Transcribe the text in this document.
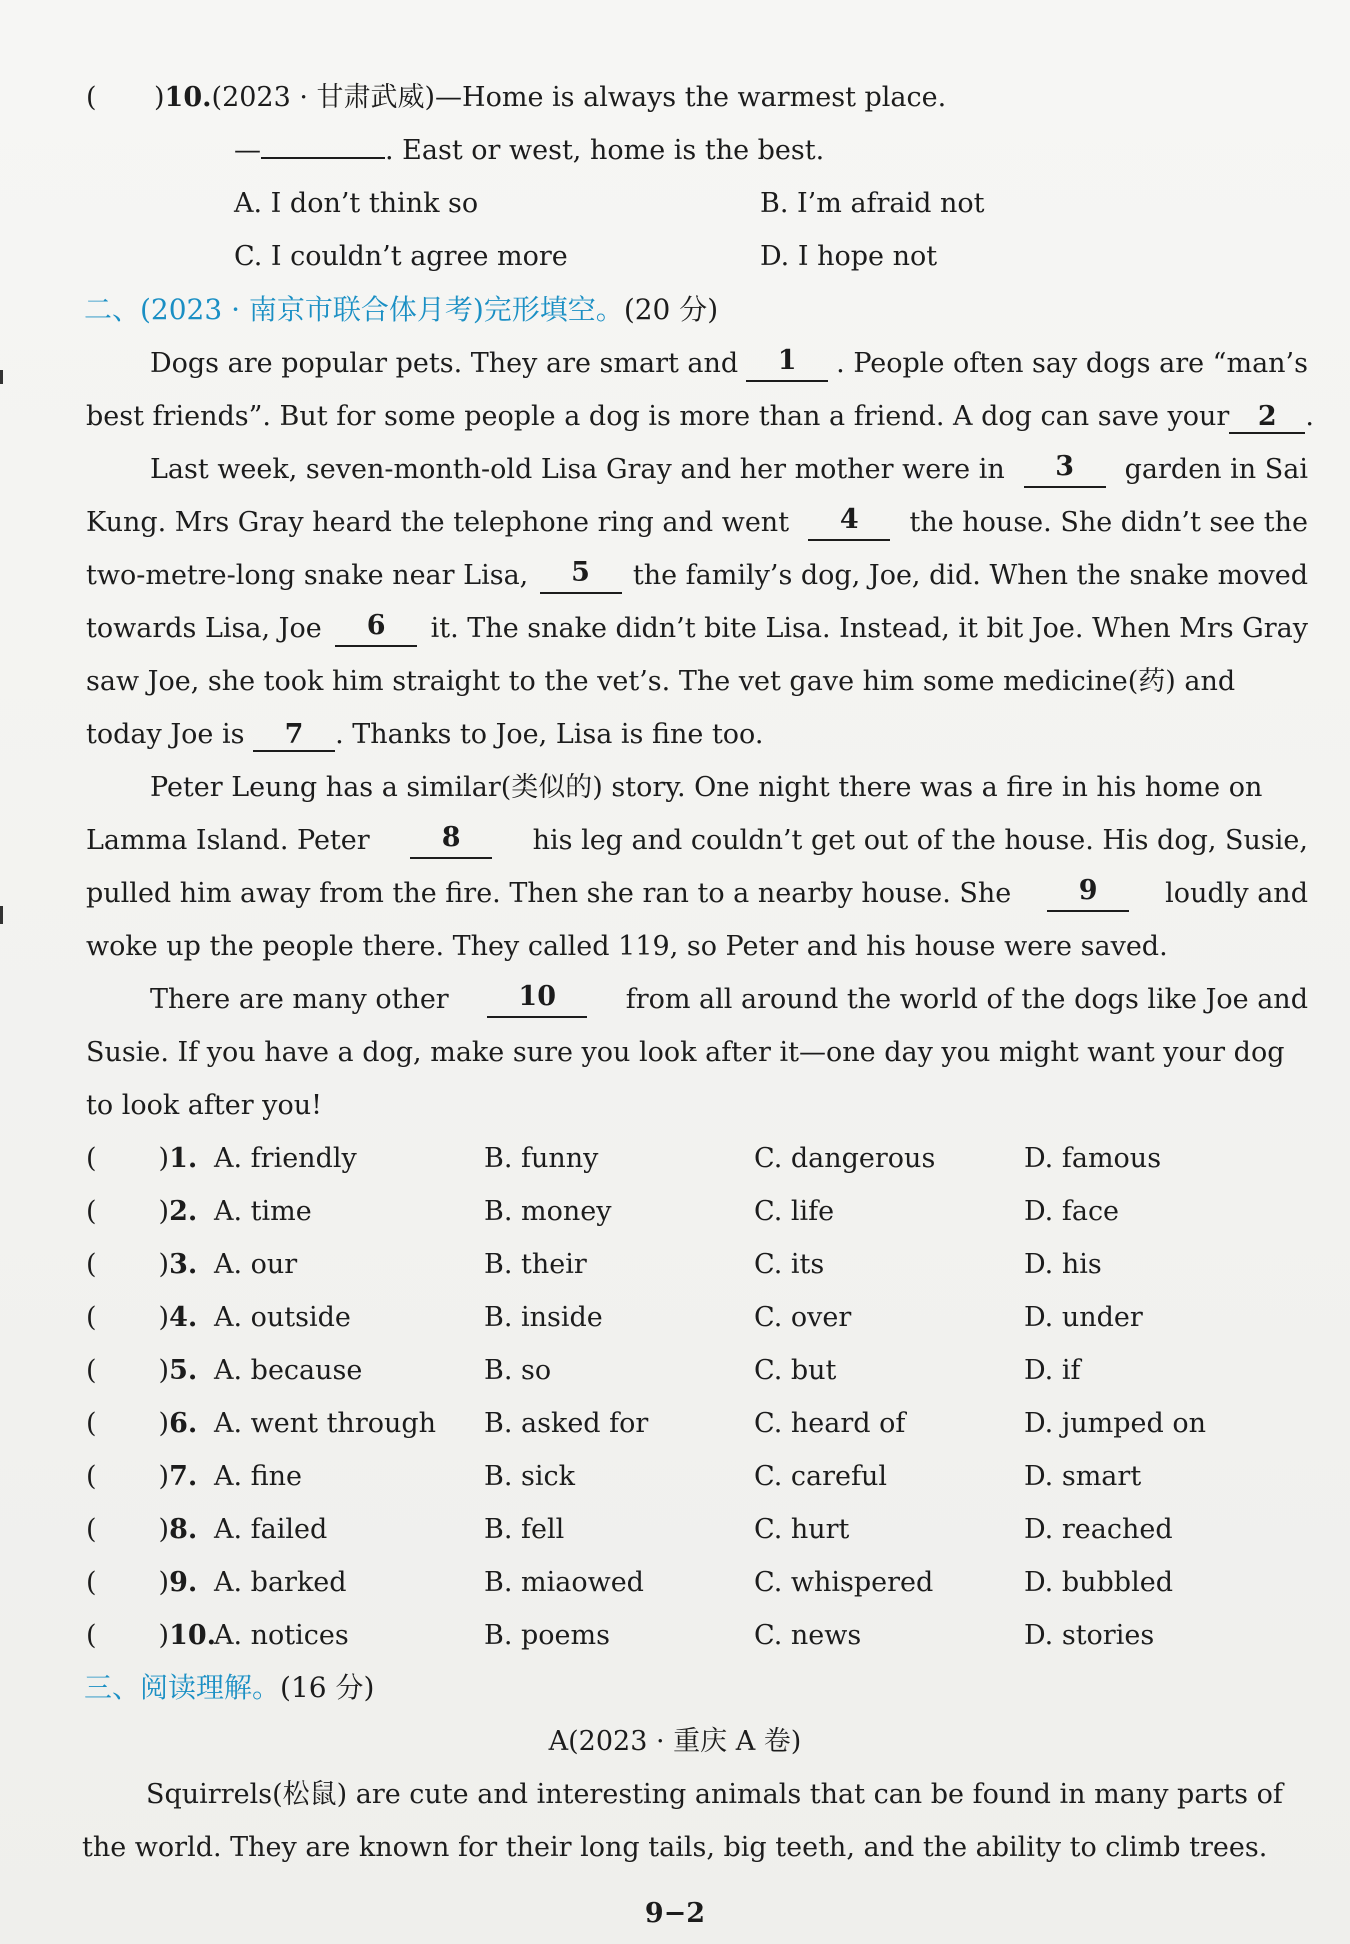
( )10.(2023 · 甘肃武威)—Home is always the warmest place.
—	. East or west, home is the best.
A. I don’t think so	B. I’m afraid not
C. I couldn’t agree more	D. I hope not
二、(2023 · 南京市联合体月考)完形填空。(20 分)
Dogs are popular pets. They are smart and	1	. People often say dogs are “man’s
best friends”. But for some people a dog is more than a friend. A dog can save your	2 .
Last week, seven-month-old Lisa Gray and her mother were in	3	garden in Sai
Kung. Mrs Gray heard the telephone ring and went	4	the house. She didn’t see the
two-metre-long snake near Lisa,	5	the family’s dog, Joe, did. When the snake moved
towards Lisa, Joe	6	it. The snake didn’t bite Lisa. Instead, it bit Joe. When Mrs Gray
saw Joe, she took him straight to the vet’s. The vet gave him some medicine(药) and
today Joe is 7 . Thanks to Joe, Lisa is fine too.
Peter Leung has a similar(类似的) story. One night there was a fire in his home on
Lamma Island. Peter	8	his leg and couldn’t get out of the house. His dog, Susie,
pulled him away from the fire. Then she ran to a nearby house. She	9	loudly and
woke up the people there. They called 119, so Peter and his house were saved.
There are many other	10	from all around the world of the dogs like Joe and
Susie. If you have a dog, make sure you look after it—one day you might want your dog
to look after you!
( )1. A. friendly	B. funny	C. dangerous	D. famous
( )2. A. time	B. money	C. life	D. face
( )3. A. our	B. their	C. its	D. his
( )4. A. outside	B. inside	C. over	D. under
( )5. A. because	B. so	C. but	D. if
( )6. A. went through B. asked for	C. heard of	D. jumped on
( )7. A. fine	B. sick	C. careful	D. smart
( )8. A. failed	B. fell	C. hurt	D. reached
( )9. A. barked	B. miaowed	C. whispered	D. bubbled
( )10.
A. notices	B. poems	C. news	D. stories
三、阅读理解。(16 分)
A(2023 · 重庆 A 卷)
Squirrels(松鼠) are cute and interesting animals that can be found in many parts of
the world. They are known for their long tails, big teeth, and the ability to climb trees.
9−2
